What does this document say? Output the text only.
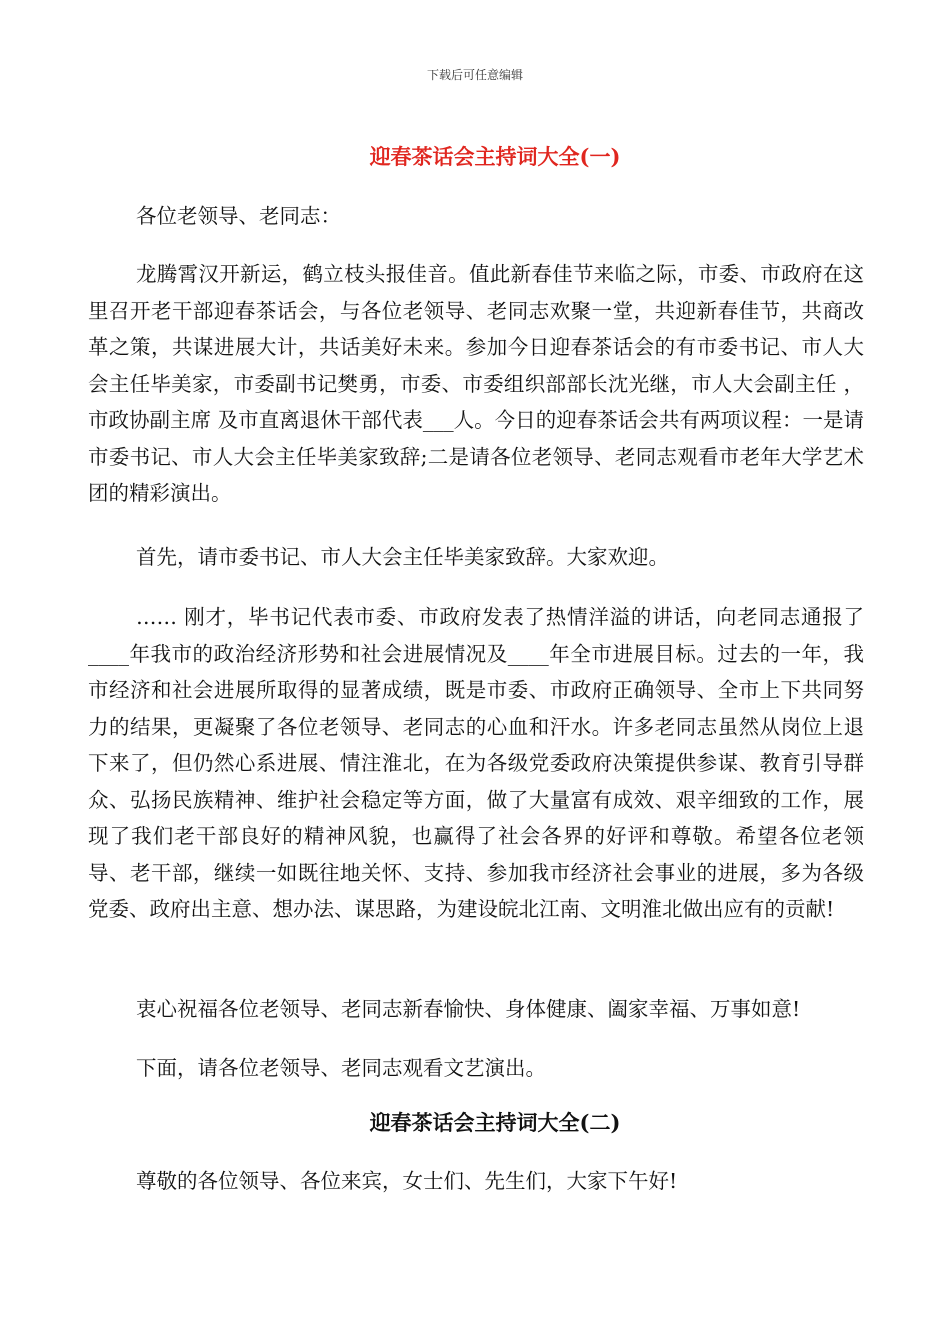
下载后可任意编辑
迎春茶话会主持词大全(一)

各位老领导、老同志：

龙腾霄汉开新运，鹤立枝头报佳音。值此新春佳节来临之际，市委、市政府在这里召开老干部迎春茶话会，与各位老领导、老同志欢聚一堂，共迎新春佳节，共商改革之策，共谋进展大计，共话美好未来。参加今日迎春茶话会的有市委书记、市人大会主任毕美家，市委副书记樊勇，市委、市委组织部部长沈光继，市人大会副主任 ，市政协副主席 及市直离退休干部代表___人。今日的迎春茶话会共有两项议程：一是请市委书记、市人大会主任毕美家致辞;二是请各位老领导、老同志观看市老年大学艺术团的精彩演出。

首先，请市委书记、市人大会主任毕美家致辞。大家欢迎。

…… 刚才，毕书记代表市委、市政府发表了热情洋溢的讲话，向老同志通报了____年我市的政治经济形势和社会进展情况及____年全市进展目标。过去的一年，我市经济和社会进展所取得的显著成绩，既是市委、市政府正确领导、全市上下共同努力的结果，更凝聚了各位老领导、老同志的心血和汗水。许多老同志虽然从岗位上退下来了，但仍然心系进展、情注淮北，在为各级党委政府决策提供参谋、教育引导群众、弘扬民族精神、维护社会稳定等方面，做了大量富有成效、艰辛细致的工作，展现了我们老干部良好的精神风貌，也赢得了社会各界的好评和尊敬。希望各位老领导、老干部，继续一如既往地关怀、支持、参加我市经济社会事业的进展，多为各级党委、政府出主意、想办法、谋思路，为建设皖北江南、文明淮北做出应有的贡献!

衷心祝福各位老领导、老同志新春愉快、身体健康、阖家幸福、万事如意!

下面，请各位老领导、老同志观看文艺演出。

迎春茶话会主持词大全(二)

尊敬的各位领导、各位来宾，女士们、先生们，大家下午好!
